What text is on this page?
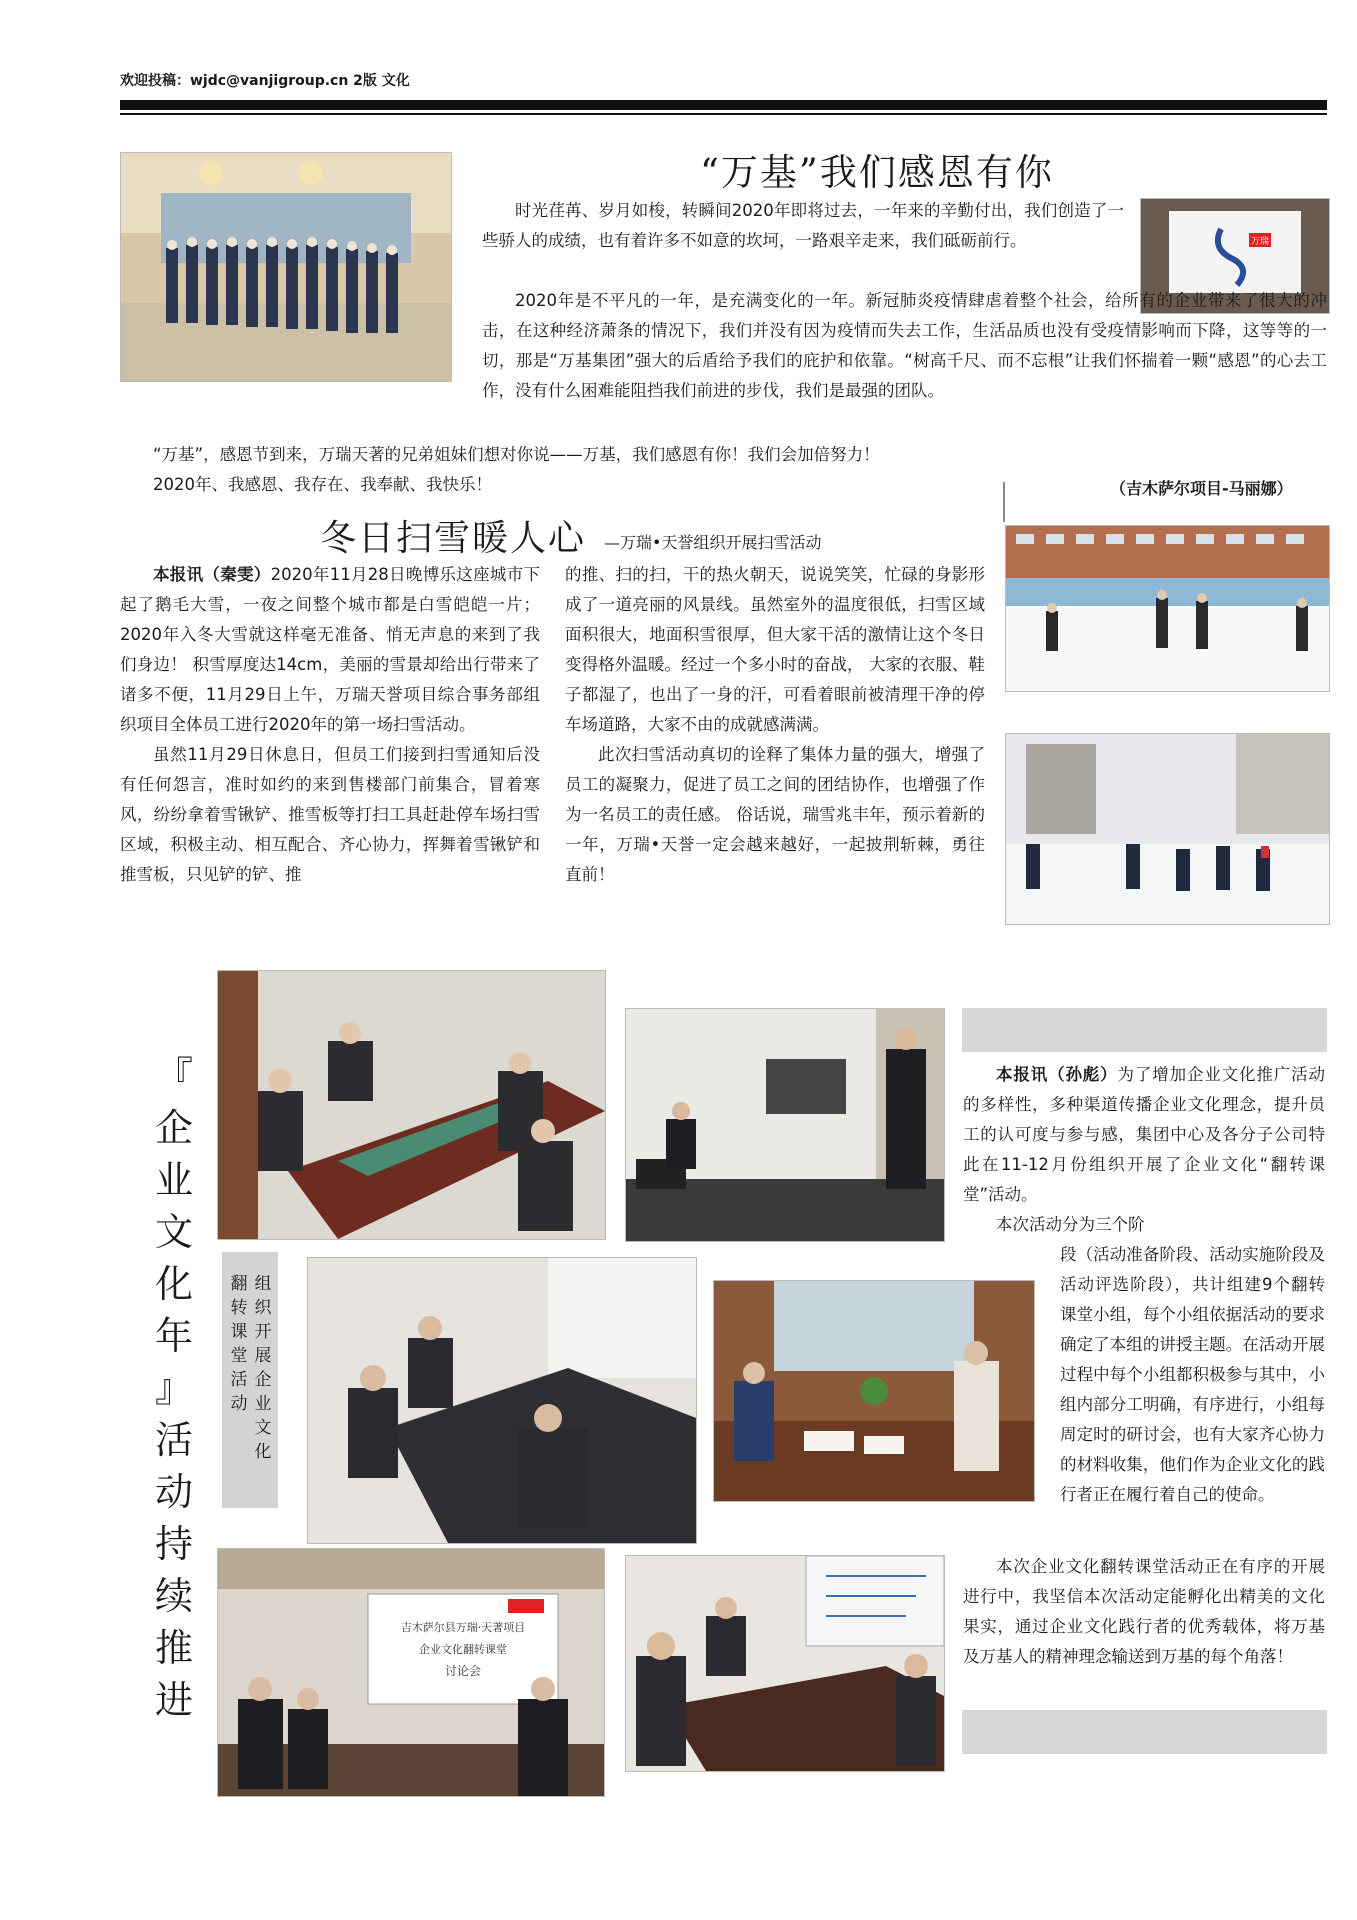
欢迎投稿：wjdc@vanjigroup.cn 2版 文化
万瑞
“万基”我们感恩有你

时光荏苒、岁月如梭，转瞬间2020年即将过去，一年来的辛勤付出，我们创造了一些骄人的成绩，也有着许多不如意的坎坷，一路艰辛走来，我们砥砺前行。

2020年是不平凡的一年，是充满变化的一年。新冠肺炎疫情肆虐着整个社会，给所有的企业带来了很大的冲击，在这种经济萧条的情况下，我们并没有因为疫情而失去工作，生活品质也没有受疫情影响而下降，这等等的一切，那是“万基集团”强大的后盾给予我们的庇护和依靠。“树高千尺、而不忘根”让我们怀揣着一颗“感恩”的心去工作，没有什么困难能阻挡我们前进的步伐，我们是最强的团队。

“万基”，感恩节到来，万瑞天著的兄弟姐妹们想对你说——万基，我们感恩有你！我们会加倍努力！

2020年、我感恩、我存在、我奉献、我快乐！	（吉木萨尔项目-马丽娜）
冬日扫雪暖人心 —万瑞•天誉组织开展扫雪活动

本报讯（秦雯）2020年11月28日晚博乐这座城市下起了鹅毛大雪，一夜之间整个城市都是白雪皑皑一片；2020年入冬大雪就这样毫无准备、悄无声息的来到了我们身边！ 积雪厚度达14cm，美丽的雪景却给出行带来了诸多不便，11月29日上午，万瑞天誉项目综合事务部组织项目全体员工进行2020年的第一场扫雪活动。

虽然11月29日休息日，但员工们接到扫雪通知后没有任何怨言，准时如约的来到售楼部门前集合，冒着寒风，纷纷拿着雪锹铲、推雪板等打扫工具赶赴停车场扫雪区域，积极主动、相互配合、齐心协力，挥舞着雪锹铲和推雪板，只见铲的铲、推

的推、扫的扫，干的热火朝天，说说笑笑，忙碌的身影形成了一道亮丽的风景线。虽然室外的温度很低，扫雪区域面积很大，地面积雪很厚，但大家干活的激情让这个冬日变得格外温暖。经过一个多小时的奋战， 大家的衣服、鞋子都湿了，也出了一身的汗，可看着眼前被清理干净的停车场道路，大家不由的成就感满满。

此次扫雪活动真切的诠释了集体力量的强大，增强了员工的凝聚力，促进了员工之间的团结协作，也增强了作为一名员工的责任感。 俗话说，瑞雪兆丰年，预示着新的一年，万瑞•天誉一定会越来越好，一起披荆斩棘，勇往直前！

『
企
业
文
化
年
』
活
动
持
续
推
进
组织开展企业文化
翻转课堂活动
吉木萨尔县万瑞·天著项目
企业文化翻转课堂
讨论会

本报讯（孙彪）为了增加企业文化推广活动的多样性，多种渠道传播企业文化理念，提升员工的认可度与参与感，集团中心及各分子公司特此在11-12月份组织开展了企业文化“翻转课堂”活动。

本次活动分为三个阶

段（活动准备阶段、活动实施阶段及活动评选阶段），共计组建9个翻转课堂小组，每个小组依据活动的要求确定了本组的讲授主题。在活动开展过程中每个小组都积极参与其中，小组内部分工明确，有序进行，小组每周定时的研讨会，也有大家齐心协力的材料收集，他们作为企业文化的践行者正在履行着自己的使命。

本次企业文化翻转课堂活动正在有序的开展进行中，我坚信本次活动定能孵化出精美的文化果实，通过企业文化践行者的优秀载体，将万基及万基人的精神理念输送到万基的每个角落！
